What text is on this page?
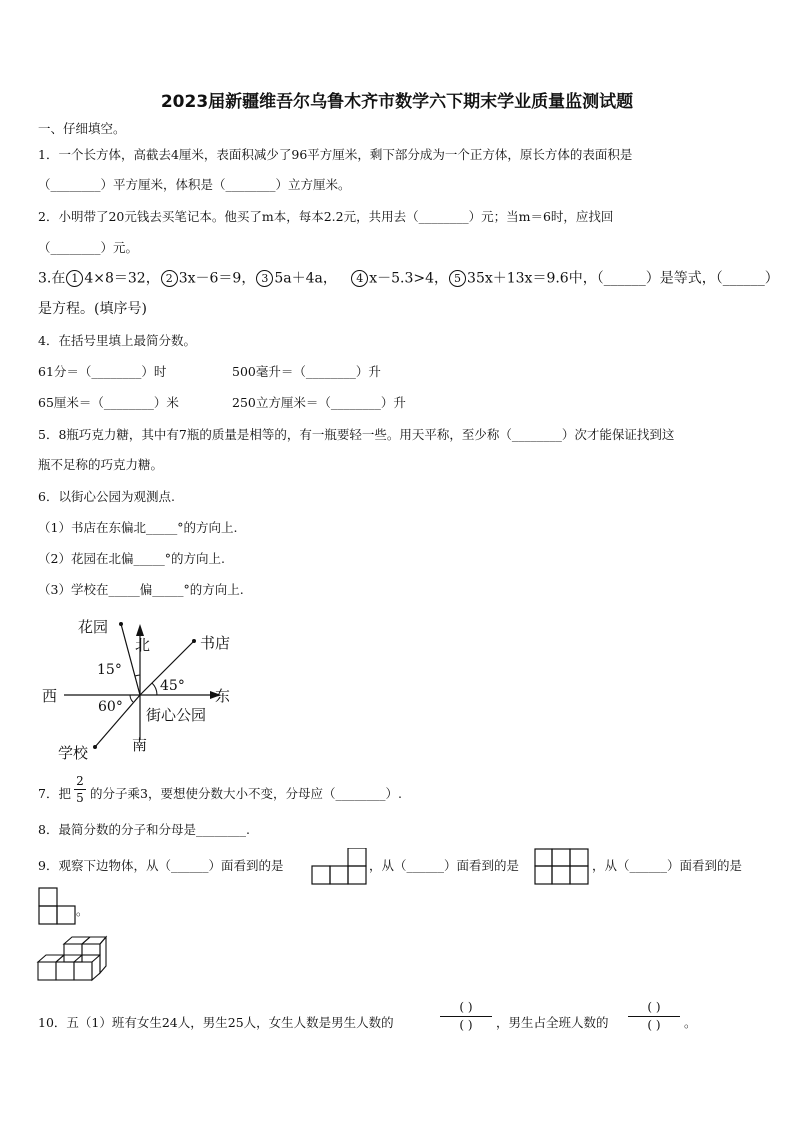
2023届新疆维吾尔乌鲁木齐市数学六下期末学业质量监测试题
一、仔细填空。
1．一个长方体，高截去4厘米，表面积减少了96平方厘米，剩下部分成为一个正方体，原长方体的表面积是
（________）平方厘米，体积是（________）立方厘米。
2．小明带了20元钱去买笔记本。他买了m本，每本2.2元，共用去（________）元；当m＝6时，应找回
（________）元。
3.在 1 4×8＝32， 2 3x－6＝9， 3 5a＋4a， 4 x－5.3>4， 5 35x＋13x＝9.6中，（______）是等式，（______）
是方程。(填序号)
4．在括号里填上最简分数。
61分＝（________）时	500毫升＝（________）升
65厘米＝（________）米	250立方厘米＝（________）升
5．8瓶巧克力糖，其中有7瓶的质量是相等的，有一瓶要轻一些。用天平称，至少称（________）次才能保证找到这
瓶不足称的巧克力糖。
6．以街心公园为观测点.
（1）书店在东偏北_____°的方向上.
（2）花园在北偏_____°的方向上.
（3）学校在_____偏_____°的方向上.
花园
北	书店
15°
45°
西	东
60° 街心公园
学校	南
7．把
2
5 的分子乘3，要想使分数大小不变，分母应（________）.
8．最简分数的分子和分母是________.
9．观察下边物体，从（______）面看到的是	，从（______）面看到的是	，从（______）面看到的是
。
10．五（1）班有女生24人，男生25人，女生人数是男生人数的
( )
( )	，男生占全班人数的
( )
( )	。
